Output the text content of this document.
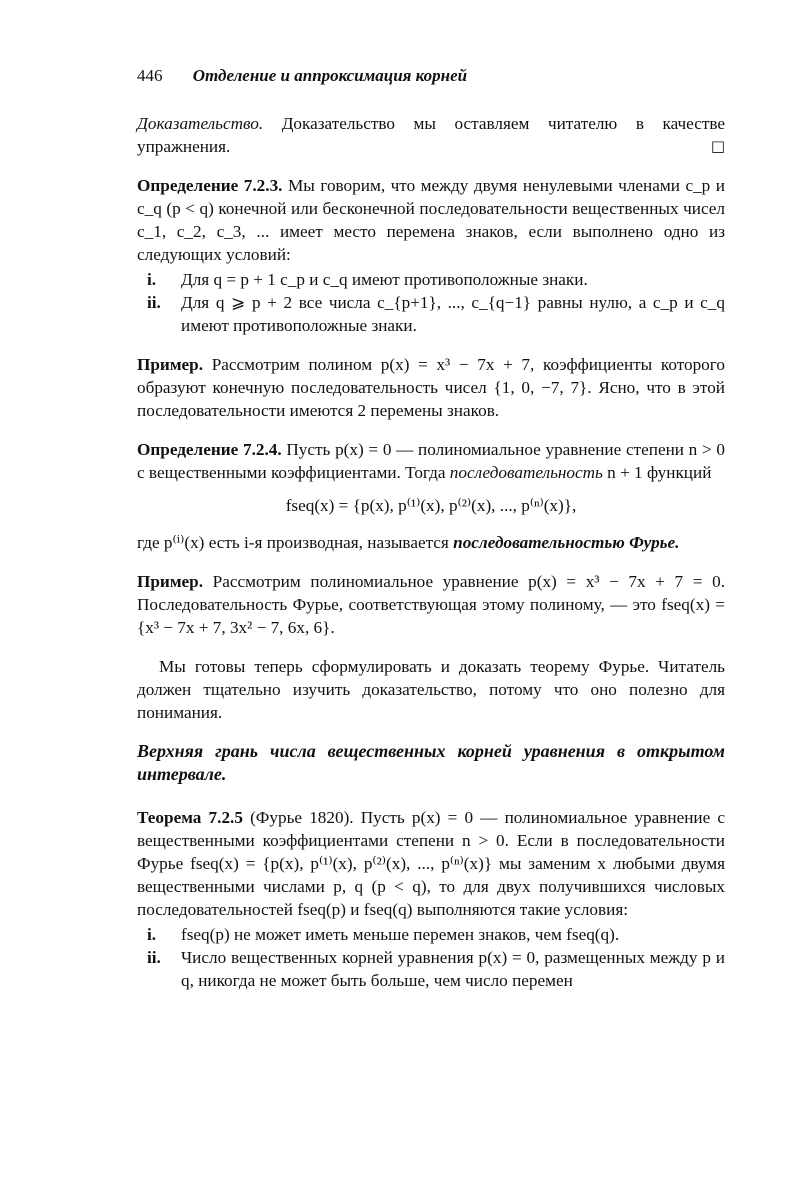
446 Отделение и аппроксимация корней

Доказательство. Доказательство мы оставляем читателю в качестве упражнения.	□

Определение 7.2.3. Мы говорим, что между двумя ненулевыми членами c_p и c_q (p < q) конечной или бесконечной последовательности вещественных чисел c_1, c_2, c_3, ... имеет место перемена знаков, если выполнено одно из следующих условий:

i. Для q = p + 1 c_p и c_q имеют противоположные знаки.
ii. Для q ⩾ p + 2 все числа c_{p+1}, ..., c_{q−1} равны нулю, а c_p и c_q имеют противоположные знаки.

Пример. Рассмотрим полином p(x) = x³ − 7x + 7, коэффициенты которого образуют конечную последовательность чисел {1, 0, −7, 7}. Ясно, что в этой последовательности имеются 2 перемены знаков.

Определение 7.2.4. Пусть p(x) = 0 — полиномиальное уравнение степени n > 0 с вещественными коэффициентами. Тогда последовательность n + 1 функций

fseq(x) = {p(x), p⁽¹⁾(x), p⁽²⁾(x), ..., p⁽ⁿ⁾(x)},

где p⁽ⁱ⁾(x) есть i-я производная, называется последовательностью Фурье.

Пример. Рассмотрим полиномиальное уравнение p(x) = x³ − 7x + 7 = 0. Последовательность Фурье, соответствующая этому полиному, — это fseq(x) = {x³ − 7x + 7, 3x² − 7, 6x, 6}.

Мы готовы теперь сформулировать и доказать теорему Фурье. Читатель должен тщательно изучить доказательство, потому что оно полезно для понимания.

Верхняя грань числа вещественных корней уравнения в открытом интервале.

Теорема 7.2.5 (Фурье 1820). Пусть p(x) = 0 — полиномиальное уравнение с вещественными коэффициентами степени n > 0. Если в последовательности Фурье fseq(x) = {p(x), p⁽¹⁾(x), p⁽²⁾(x), ..., p⁽ⁿ⁾(x)} мы заменим x любыми двумя вещественными числами p, q (p < q), то для двух получившихся числовых последовательностей fseq(p) и fseq(q) выполняются такие условия:

i. fseq(p) не может иметь меньше перемен знаков, чем fseq(q).
ii. Число вещественных корней уравнения p(x) = 0, размещенных между p и q, никогда не может быть больше, чем число перемен
